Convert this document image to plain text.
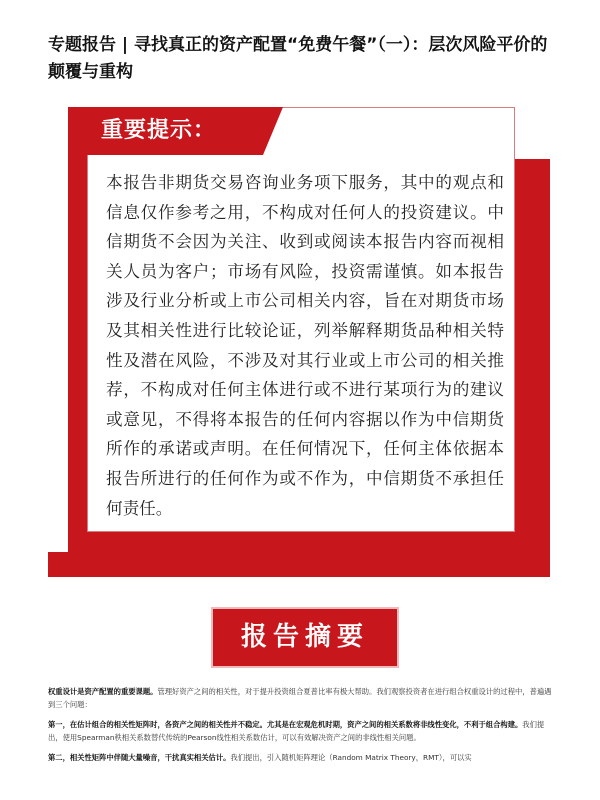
专题报告 | 寻找真正的资产配置“免费午餐”（一）：层次风险平价的颠覆与重构
重要提示：

本报告非期货交易咨询业务项下服务，其中的观点和信息仅作参考之用，不构成对任何人的投资建议。中信期货不会因为关注、收到或阅读本报告内容而视相关人员为客户；市场有风险，投资需谨慎。如本报告涉及行业分析或上市公司相关内容，旨在对期货市场及其相关性进行比较论证，列举解释期货品种相关特性及潜在风险，不涉及对其行业或上市公司的相关推荐，不构成对任何主体进行或不进行某项行为的建议或意见，不得将本报告的任何内容据以作为中信期货所作的承诺或声明。在任何情况下，任何主体依据本报告所进行的任何作为或不作为，中信期货不承担任何责任。

报告摘要

权重设计是资产配置的重要课题。管理好资产之间的相关性，对于提升投资组合夏普比率有极大帮助。我们观察投资者在进行组合权重设计的过程中，普遍遇到三个问题：

第一，在估计组合的相关性矩阵时，各资产之间的相关性并不稳定。尤其是在宏观危机时期，资产之间的相关系数将非线性变化，不利于组合构建。我们提出，使用Spearman秩相关系数替代传统的Pearson线性相关系数估计，可以有效解决资产之间的非线性相关问题。

第二，相关性矩阵中伴随大量噪音，干扰真实相关估计。我们提出，引入随机矩阵理论（Random Matrix Theory，RMT），可以实
